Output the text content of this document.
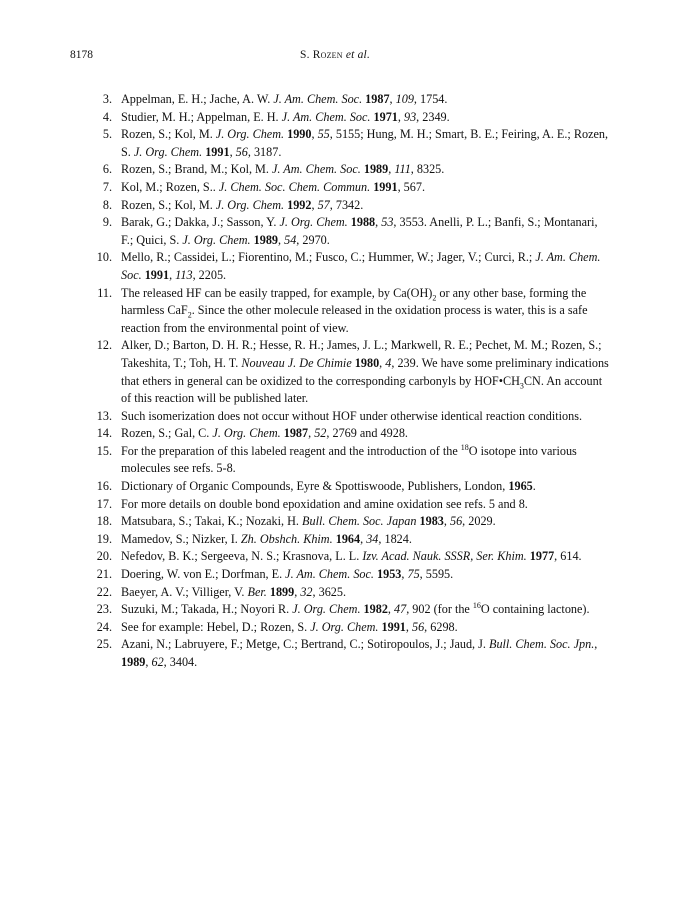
8178	S. Rozen et al.
3. Appelman, E. H.; Jache, A. W. J. Am. Chem. Soc. 1987, 109, 1754.
4. Studier, M. H.; Appelman, E. H. J. Am. Chem. Soc. 1971, 93, 2349.
5. Rozen, S.; Kol, M. J. Org. Chem. 1990, 55, 5155; Hung, M. H.; Smart, B. E.; Feiring, A. E.; Rozen, S. J. Org. Chem. 1991, 56, 3187.
6. Rozen, S.; Brand, M.; Kol, M. J. Am. Chem. Soc. 1989, 111, 8325.
7. Kol, M.; Rozen, S.. J. Chem. Soc. Chem. Commun. 1991, 567.
8. Rozen, S.; Kol, M. J. Org. Chem. 1992, 57, 7342.
9. Barak, G.; Dakka, J.; Sasson, Y. J. Org. Chem. 1988, 53, 3553. Anelli, P. L.; Banfi, S.; Montanari, F.; Quici, S. J. Org. Chem. 1989, 54, 2970.
10. Mello, R.; Cassidei, L.; Fiorentino, M.; Fusco, C.; Hummer, W.; Jager, V.; Curci, R.; J. Am. Chem. Soc. 1991, 113, 2205.
11. The released HF can be easily trapped, for example, by $Ca(OH)_2$ or any other base, forming the harmless CaF$_2$. Since the other molecule released in the oxidation process is water, this is a safe reaction from the environmental point of view.
12. Alker, D.; Barton, D. H. R.; Hesse, R. H.; James, J. L.; Markwell, R. E.; Pechet, M. M.; Rozen, S.; Takeshita, T.; Toh, H. T. Nouveau J. De Chimie 1980, 4, 239. We have some preliminary indications that ethers in general can be oxidized to the corresponding carbonyls by $HOF•CH_3CN$. An account of this reaction will be published later.
13. Such isomerization does not occur without HOF under otherwise identical reaction conditions.
14. Rozen, S.; Gal, C. J. Org. Chem. 1987, 52, 2769 and 4928.
15. For the preparation of this labeled reagent and the introduction of the $^{18}$O isotope into various molecules see refs. 5-8.
16. Dictionary of Organic Compounds, Eyre & Spottiswoode, Publishers, London, 1965.
17. For more details on double bond epoxidation and amine oxidation see refs. 5 and 8.
18. Matsubara, S.; Takai, K.; Nozaki, H. Bull. Chem. Soc. Japan 1983, 56, 2029.
19. Mamedov, S.; Nizker, I. Zh. Obshch. Khim. 1964, 34, 1824.
20. Nefedov, B. K.; Sergeeva, N. S.; Krasnova, L. L. Izv. Acad. Nauk. SSSR, Ser. Khim. 1977, 614.
21. Doering, W. von E.; Dorfman, E. J. Am. Chem. Soc. 1953, 75, 5595.
22. Baeyer, A. V.; Villiger, V. Ber. 1899, 32, 3625.
23. Suzuki, M.; Takada, H.; Noyori R. J. Org. Chem. 1982, 47, 902 (for the $^{16}$O containing lactone).
24. See for example: Hebel, D.; Rozen, S. J. Org. Chem. 1991, 56, 6298.
25. Azani, N.; Labruyere, F.; Metge, C.; Bertrand, C.; Sotiropoulos, J.; Jaud, J. Bull. Chem. Soc. Jpn., 1989, 62, 3404.
